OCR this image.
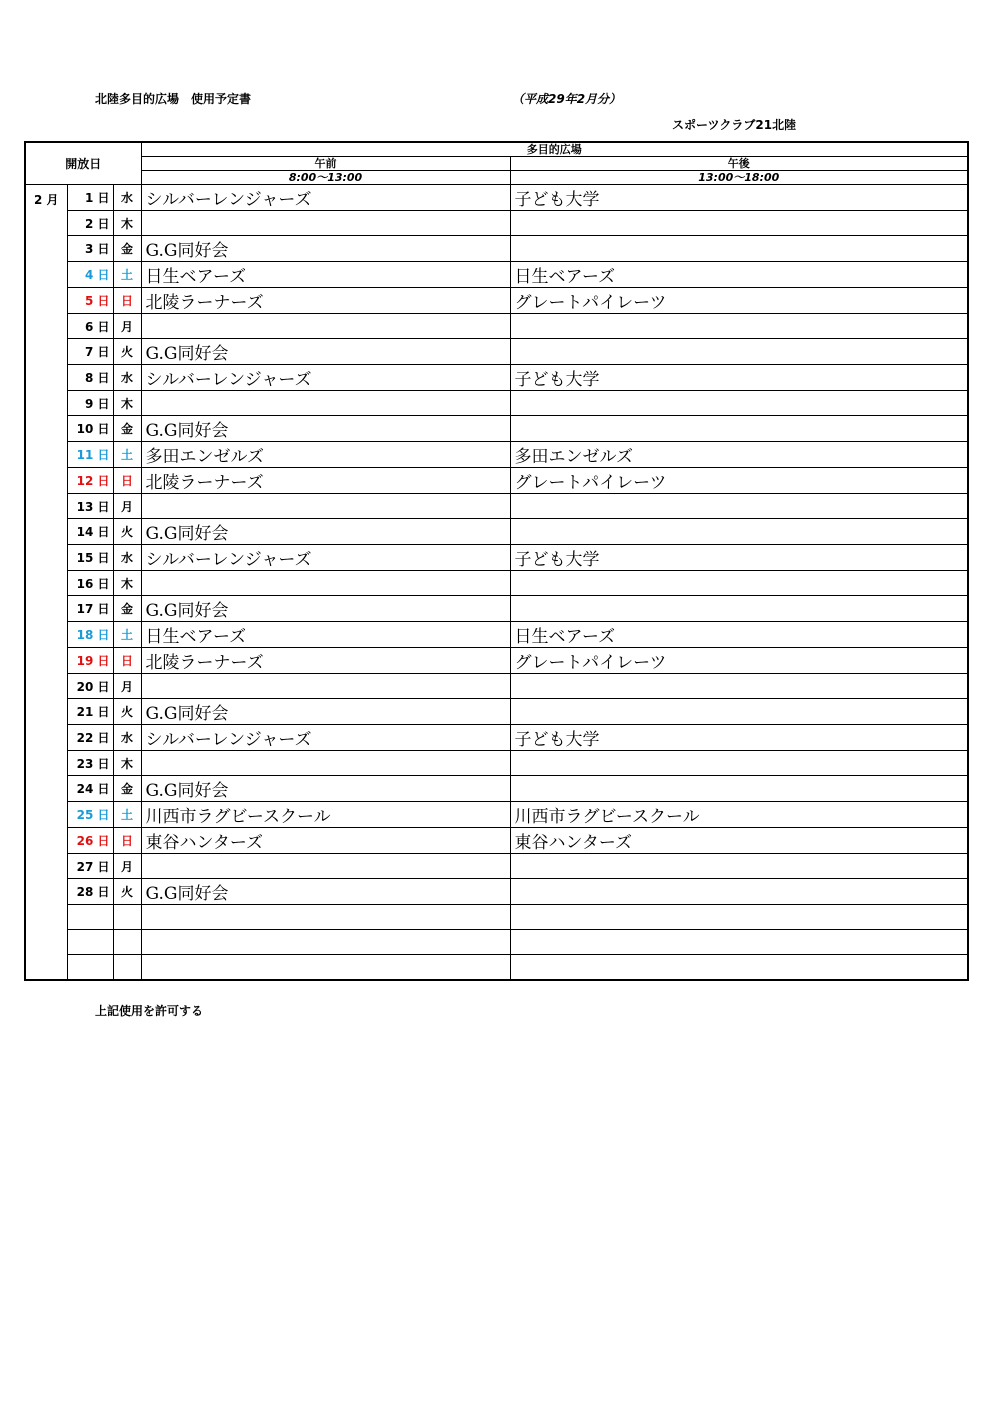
北陸多目的広場　使用予定書	（平成29年2月分）
スポーツクラブ21北陸
開放日			多目的広場	
			午前	午後
			8:00～13:00	13:00～18:00
2 月	1 日	水	シルバーレンジャーズ	子ども大学
	2 日	木		
	3 日	金	G.G同好会	
	4 日	土	日生ベアーズ	日生ベアーズ
	5 日	日	北陵ラーナーズ	グレートパイレーツ
	6 日	月		
	7 日	火	G.G同好会	
	8 日	水	シルバーレンジャーズ	子ども大学
	9 日	木		
	10 日	金	G.G同好会	
	11 日	土	多田エンゼルズ	多田エンゼルズ
	12 日	日	北陵ラーナーズ	グレートパイレーツ
	13 日	月		
	14 日	火	G.G同好会	
	15 日	水	シルバーレンジャーズ	子ども大学
	16 日	木		
	17 日	金	G.G同好会	
	18 日	土	日生ベアーズ	日生ベアーズ
	19 日	日	北陵ラーナーズ	グレートパイレーツ
	20 日	月		
	21 日	火	G.G同好会	
	22 日	水	シルバーレンジャーズ	子ども大学
	23 日	木		
	24 日	金	G.G同好会	
	25 日	土	川西市ラグビースクール	川西市ラグビースクール
	26 日	日	東谷ハンターズ	東谷ハンターズ
	27 日	月		
	28 日	火	G.G同好会	

上記使用を許可する
